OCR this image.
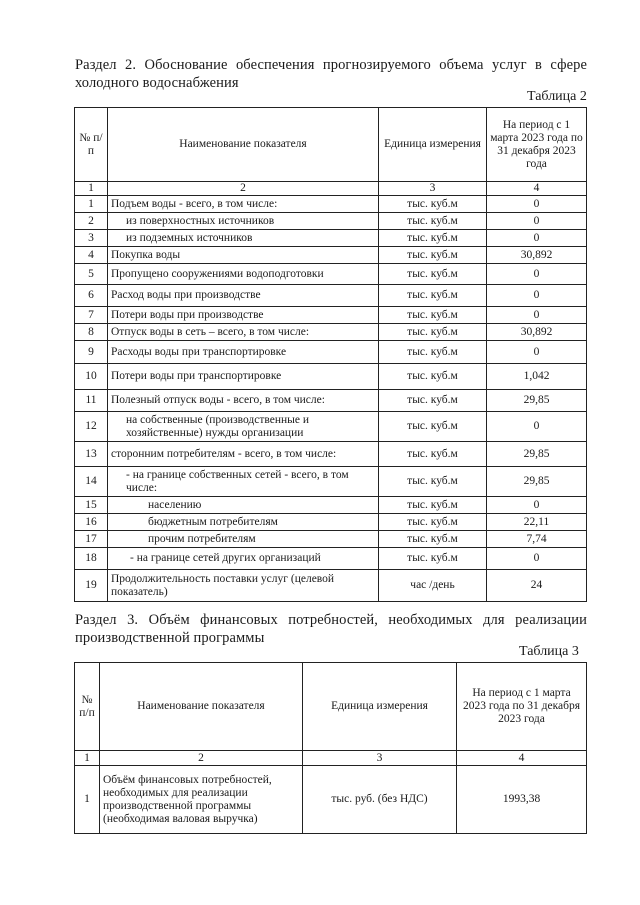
Раздел 2. Обоснование обеспечения прогнозируемого объема услуг в сфере холодного водоснабжения
Таблица 2
№ п/п	Наименование показателя	Единица измерения	На период с 1 марта 2023 года по 31 декабря 2023 года
1	2	3	4
1	Подъем воды - всего, в том числе:	тыс. куб.м	0
2	из поверхностных источников	тыс. куб.м	0
3	из подземных источников	тыс. куб.м	0
4	Покупка воды	тыс. куб.м	30,892
5	Пропущено сооружениями водоподготовки	тыс. куб.м	0
6	Расход воды при производстве	тыс. куб.м	0
7	Потери воды при производстве	тыс. куб.м	0
8	Отпуск воды в сеть – всего, в том числе:	тыс. куб.м	30,892
9	Расходы воды при транспортировке	тыс. куб.м	0
10	Потери воды при транспортировке	тыс. куб.м	1,042
11	Полезный отпуск воды - всего, в том числе:	тыс. куб.м	29,85
12	на собственные (производственные и хозяйственные) нужды организации	тыс. куб.м	0
13	сторонним потребителям - всего, в том числе:	тыс. куб.м	29,85
14	- на границе собственных сетей - всего, в том числе:	тыс. куб.м	29,85
15	населению	тыс. куб.м	0
16	бюджетным потребителям	тыс. куб.м	22,11
17	прочим потребителям	тыс. куб.м	7,74
18	- на границе сетей других организаций	тыс. куб.м	0
19	Продолжительность поставки услуг (целевой показатель)	час /день	24
Раздел 3. Объём финансовых потребностей, необходимых для реализации производственной программы
Таблица 3
№ п/п	Наименование показателя	Единица измерения	На период с 1 марта 2023 года по 31 декабря 2023 года
1	2	3	4
1	Объём финансовых потребностей, необходимых для реализации производственной программы (необходимая валовая выручка)	тыс. руб. (без НДС)	1993,38
